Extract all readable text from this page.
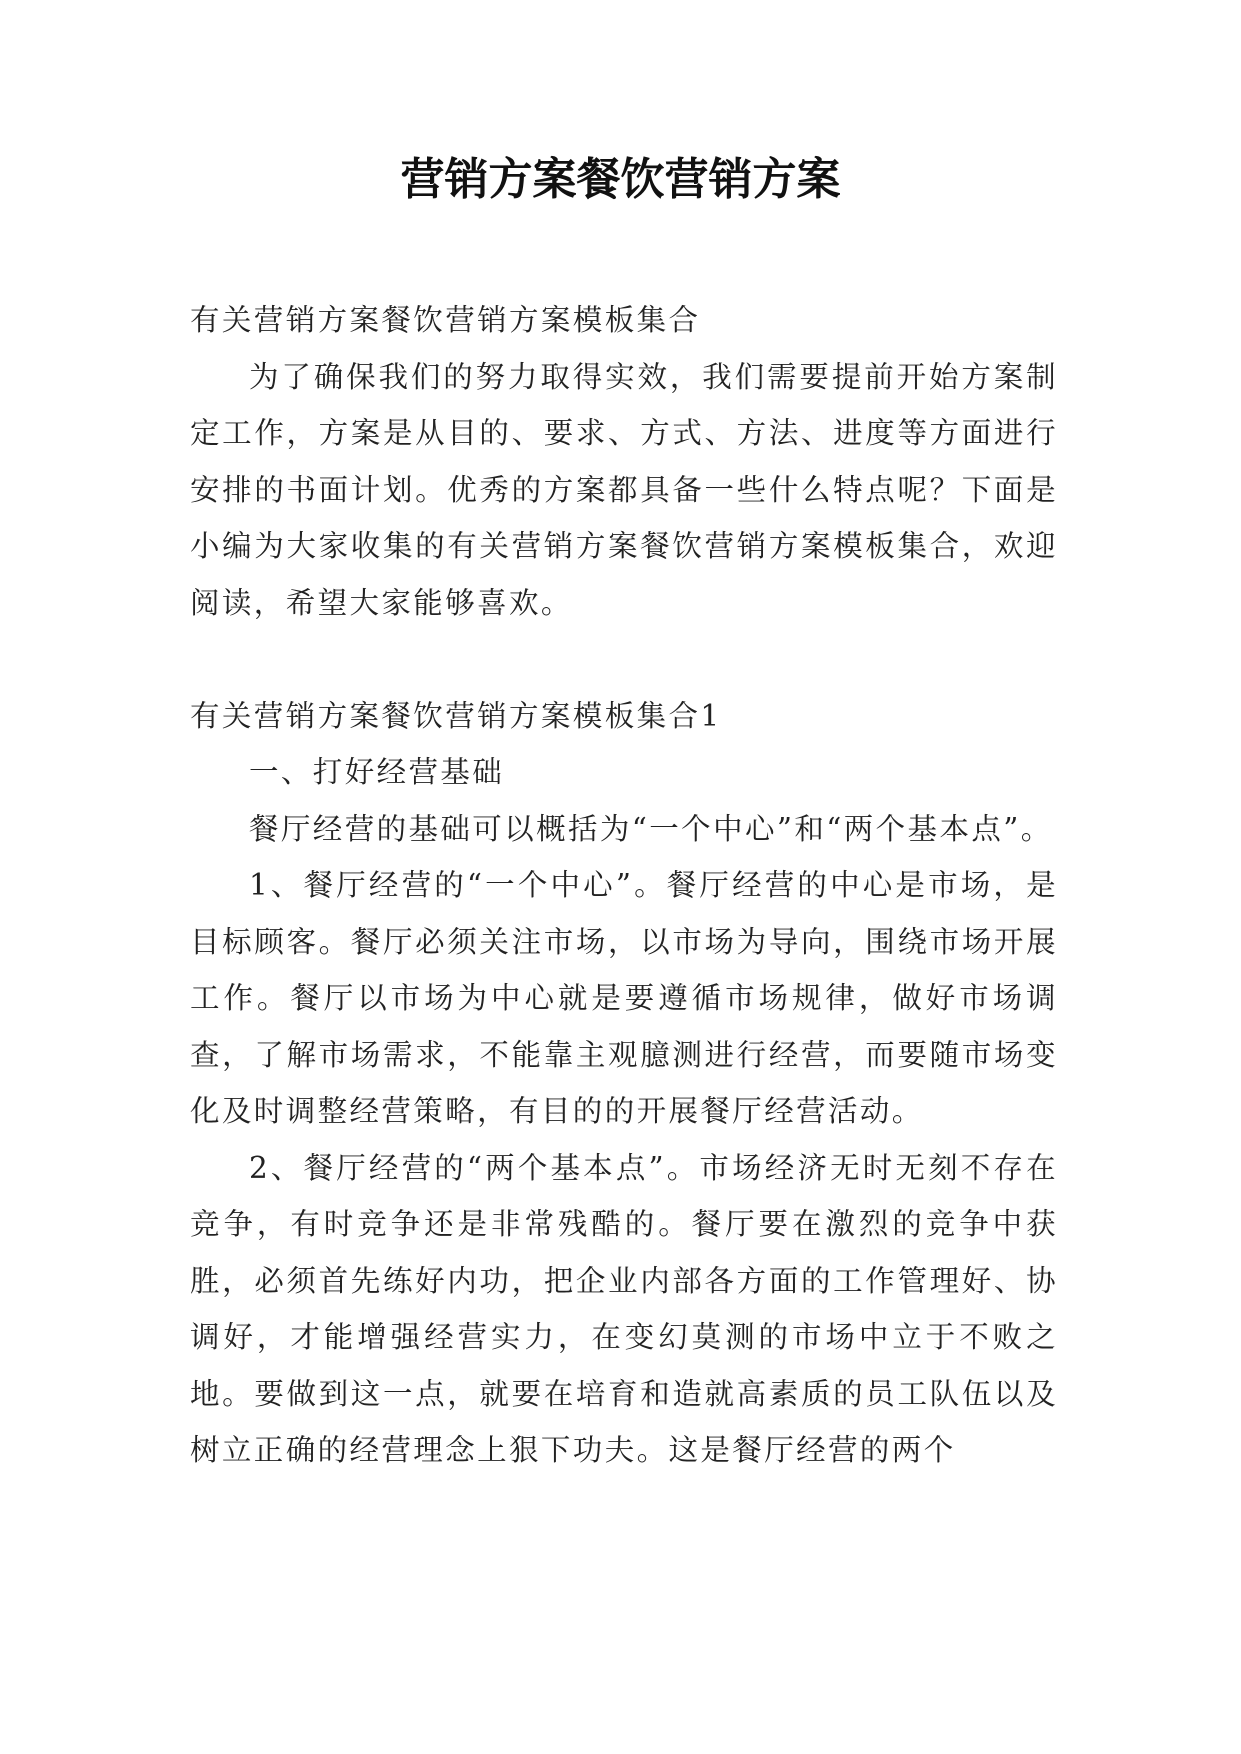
营销方案餐饮营销方案

有关营销方案餐饮营销方案模板集合

为了确保我们的努力取得实效，我们需要提前开始方案制定工作，方案是从目的、要求、方式、方法、进度等方面进行安排的书面计划。优秀的方案都具备一些什么特点呢？下面是小编为大家收集的有关营销方案餐饮营销方案模板集合，欢迎阅读，希望大家能够喜欢。

有关营销方案餐饮营销方案模板集合1

一、打好经营基础

餐厅经营的基础可以概括为“一个中心”和“两个基本点”。

1、餐厅经营的“一个中心”。餐厅经营的中心是市场，是目标顾客。餐厅必须关注市场，以市场为导向，围绕市场开展工作。餐厅以市场为中心就是要遵循市场规律，做好市场调查，了解市场需求，不能靠主观臆测进行经营，而要随市场变化及时调整经营策略，有目的的开展餐厅经营活动。

2、餐厅经营的“两个基本点”。市场经济无时无刻不存在竞争，有时竞争还是非常残酷的。餐厅要在激烈的竞争中获胜，必须首先练好内功，把企业内部各方面的工作管理好、协调好，才能增强经营实力，在变幻莫测的市场中立于不败之地。要做到这一点，就要在培育和造就高素质的员工队伍以及树立正确的经营理念上狠下功夫。这是餐厅经营的两个
